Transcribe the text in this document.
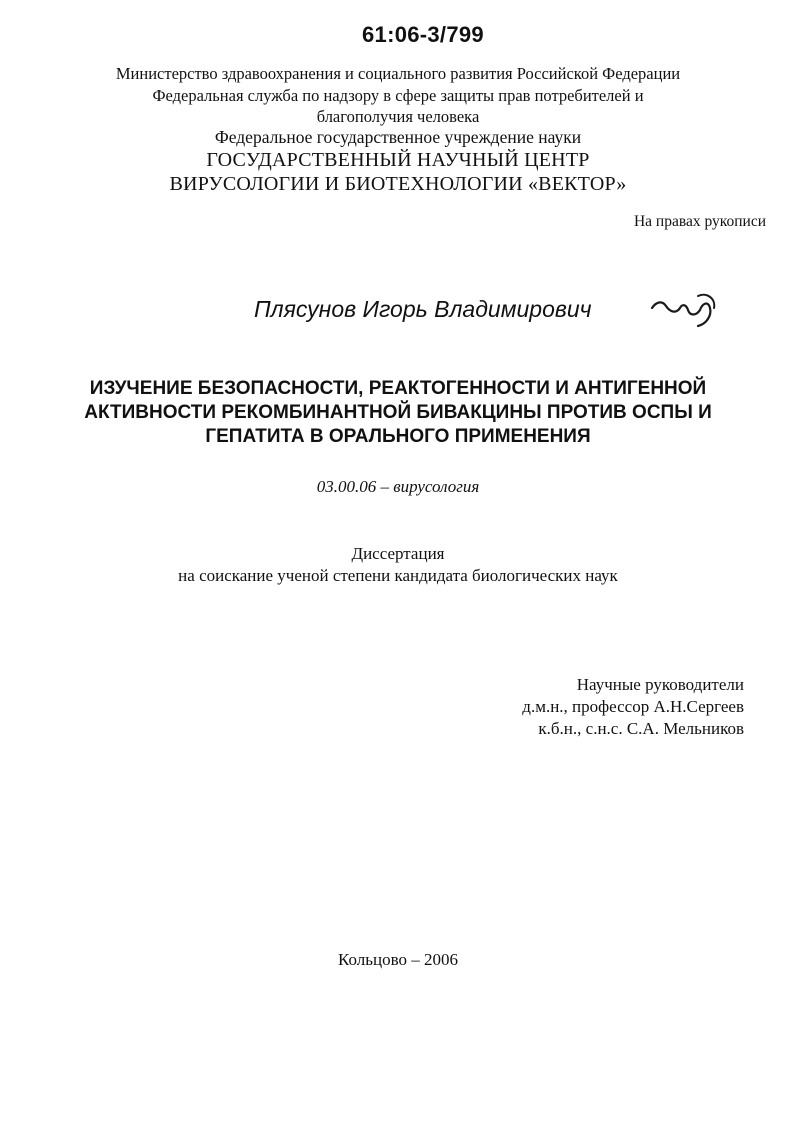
61:06-3/799
Министерство здравоохранения и социального развития Российской Федерации
Федеральная служба по надзору в сфере защиты прав потребителей и
благополучия человека
Федеральное государственное учреждение науки
ГОСУДАРСТВЕННЫЙ НАУЧНЫЙ ЦЕНТР
ВИРУСОЛОГИИ И БИОТЕХНОЛОГИИ «ВЕКТОР»
На правах рукописи
Плясунов Игорь Владимирович
ИЗУЧЕНИЕ БЕЗОПАСНОСТИ, РЕАКТОГЕННОСТИ И АНТИГЕННОЙ
АКТИВНОСТИ РЕКОМБИНАНТНОЙ БИВАКЦИНЫ ПРОТИВ ОСПЫ И
ГЕПАТИТА В ОРАЛЬНОГО ПРИМЕНЕНИЯ
03.00.06 – вирусология
Диссертация
на соискание ученой степени кандидата биологических наук
Научные руководители
д.м.н., профессор А.Н.Сергеев
к.б.н., с.н.с. С.А. Мельников
Кольцово – 2006
